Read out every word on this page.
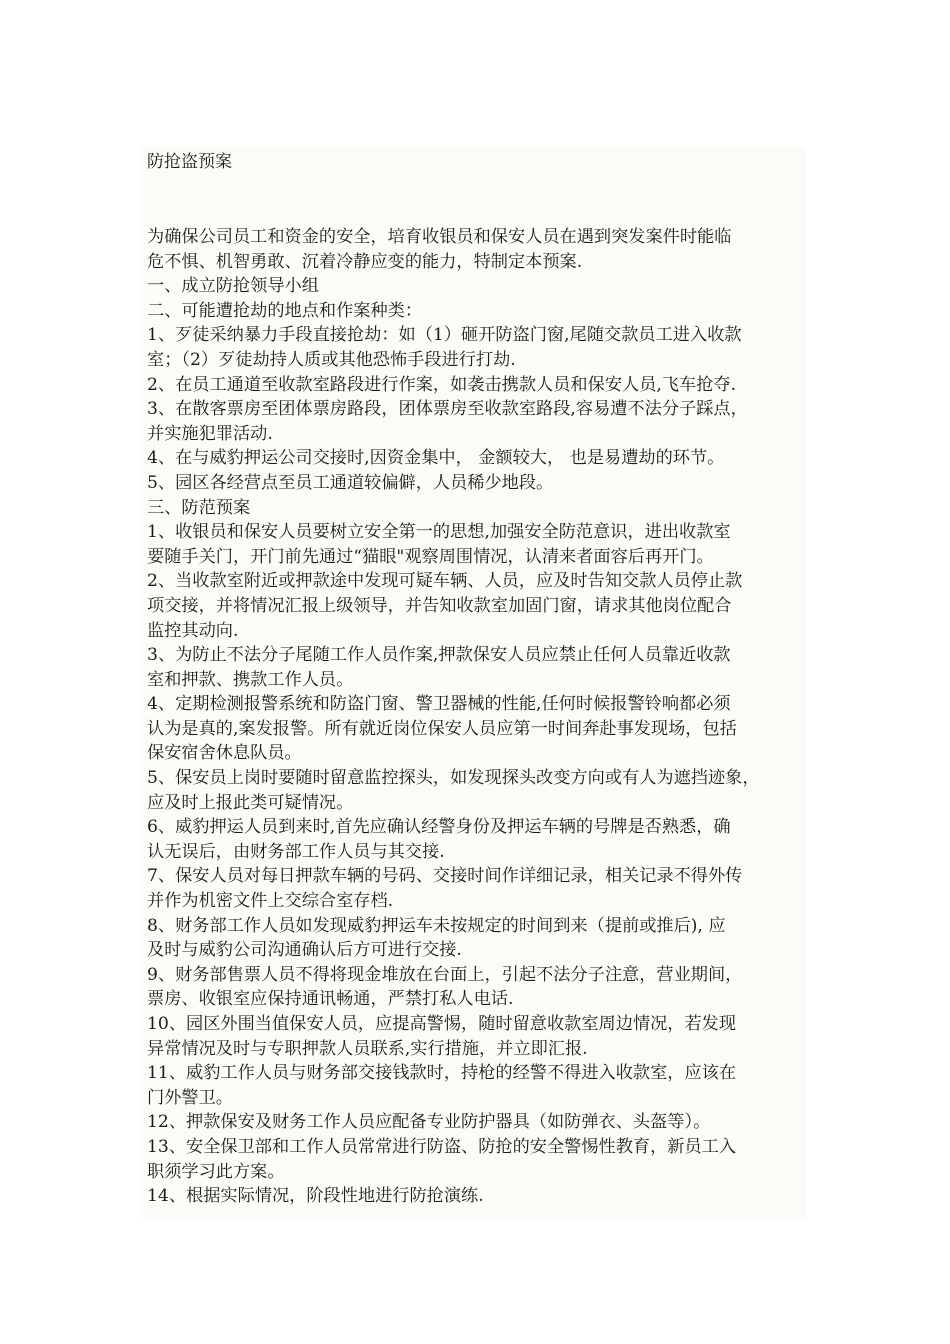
防抢盗预案
为确保公司员工和资金的安全，培育收银员和保安人员在遇到突发案件时能临
危不惧、机智勇敢、沉着冷静应变的能力，特制定本预案.
一、成立防抢领导小组
二、可能遭抢劫的地点和作案种类：
1、歹徒采纳暴力手段直接抢劫：如（1）砸开防盗门窗,尾随交款员工进入收款
室；（2）歹徒劫持人质或其他恐怖手段进行打劫.
2、在员工通道至收款室路段进行作案，如袭击携款人员和保安人员,飞车抢夺.
3、在散客票房至团体票房路段，团体票房至收款室路段,容易遭不法分子踩点，
并实施犯罪活动.
4、在与威豹押运公司交接时,因资金集中， 金额较大， 也是易遭劫的环节。
5、园区各经营点至员工通道较偏僻，人员稀少地段。
三、防范预案
1、收银员和保安人员要树立安全第一的思想,加强安全防范意识，进出收款室
要随手关门，开门前先通过“猫眼"观察周围情况，认清来者面容后再开门。
2、当收款室附近或押款途中发现可疑车辆、人员，应及时告知交款人员停止款
项交接，并将情况汇报上级领导，并告知收款室加固门窗，请求其他岗位配合
监控其动向.
3、为防止不法分子尾随工作人员作案,押款保安人员应禁止任何人员靠近收款
室和押款、携款工作人员。
4、定期检测报警系统和防盗门窗、警卫器械的性能,任何时候报警铃响都必须
认为是真的,案发报警。所有就近岗位保安人员应第一时间奔赴事发现场，包括
保安宿舍休息队员。
5、保安员上岗时要随时留意监控探头，如发现探头改变方向或有人为遮挡迹象，
应及时上报此类可疑情况。
6、威豹押运人员到来时,首先应确认经警身份及押运车辆的号牌是否熟悉，确
认无误后，由财务部工作人员与其交接.
7、保安人员对每日押款车辆的号码、交接时间作详细记录，相关记录不得外传
并作为机密文件上交综合室存档.
8、财务部工作人员如发现威豹押运车未按规定的时间到来（提前或推后), 应
及时与威豹公司沟通确认后方可进行交接.
9、财务部售票人员不得将现金堆放在台面上，引起不法分子注意，营业期间，
票房、收银室应保持通讯畅通，严禁打私人电话.
10、园区外围当值保安人员，应提高警惕，随时留意收款室周边情况，若发现
异常情况及时与专职押款人员联系,实行措施，并立即汇报.
11、威豹工作人员与财务部交接钱款时，持枪的经警不得进入收款室，应该在
门外警卫。
12、押款保安及财务工作人员应配备专业防护器具（如防弹衣、头盔等）。
13、安全保卫部和工作人员常常进行防盗、防抢的安全警惕性教育，新员工入
职须学习此方案。
14、根据实际情况，阶段性地进行防抢演练.
